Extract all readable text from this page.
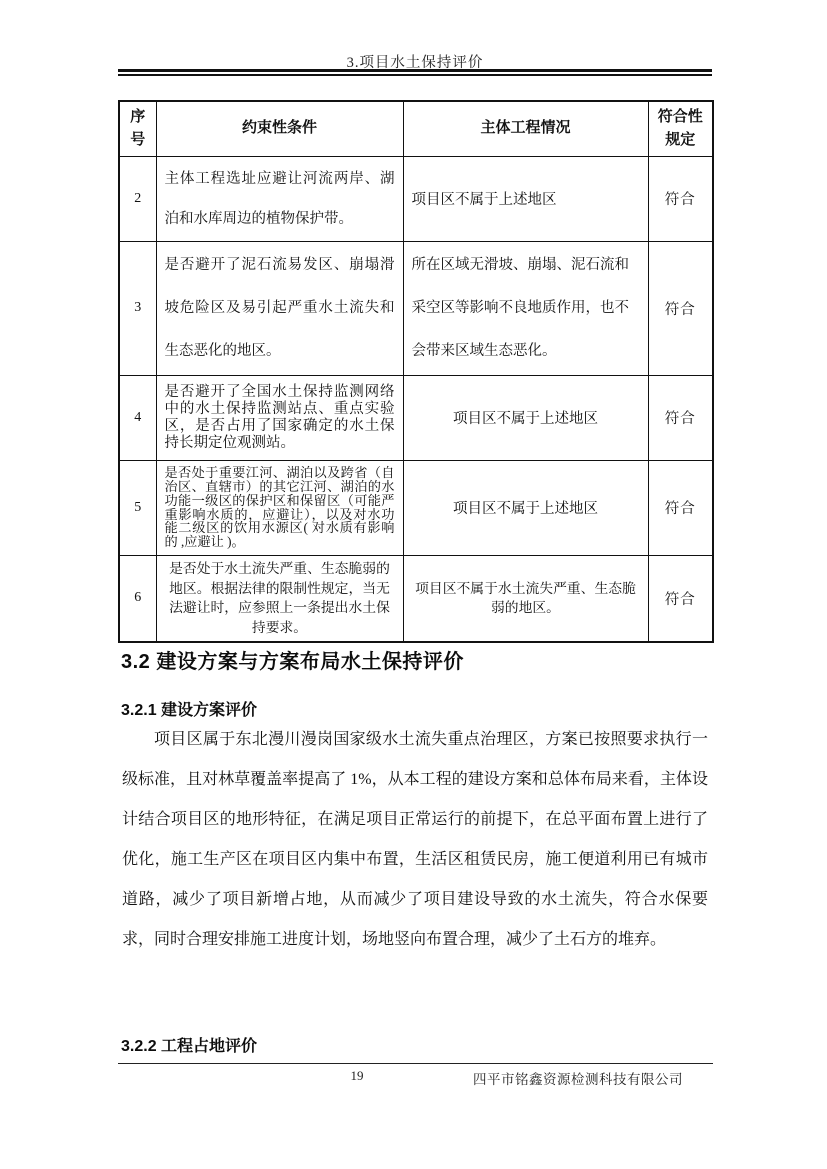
3.项目水土保持评价
序号	约束性条件	主体工程情况	符合性规定
2	主体工程选址应避让河流两岸、湖泊和水库周边的植物保护带。	项目区不属于上述地区	符合
3	是否避开了泥石流易发区、崩塌滑坡危险区及易引起严重水土流失和生态恶化的地区。	所在区域无滑坡、崩塌、泥石流和采空区等影响不良地质作用，也不会带来区域生态恶化。	符合
4	是否避开了全国水土保持监测网络中的水土保持监测站点、重点实验区，是否占用了国家确定的水土保持长期定位观测站。	项目区不属于上述地区	符合
5	是否处于重要江河、湖泊以及跨省（自治区、直辖市）的其它江河、湖泊的水功能一级区的保护区和保留区（可能严重影响水质的，应避让），以及对水功能二级区的饮用水源区( 对水质有影响的 ,应避让 )。	项目区不属于上述地区	符合
6	是否处于水土流失严重、生态脆弱的地区。根据法律的限制性规定，当无法避让时，应参照上一条提出水土保持要求。	项目区不属于水土流失严重、生态脆弱的地区。	符合
3.2 建设方案与方案布局水土保持评价
3.2.1 建设方案评价
项目区属于东北漫川漫岗国家级水土流失重点治理区，方案已按照要求执行一级标准，且对林草覆盖率提高了 1%，从本工程的建设方案和总体布局来看，主体设计结合项目区的地形特征，在满足项目正常运行的前提下，在总平面布置上进行了优化，施工生产区在项目区内集中布置，生活区租赁民房，施工便道利用已有城市道路，减少了项目新增占地，从而减少了项目建设导致的水土流失，符合水保要求，同时合理安排施工进度计划，场地竖向布置合理，减少了土石方的堆弃。
3.2.2 工程占地评价
19	四平市铭鑫资源检测科技有限公司
